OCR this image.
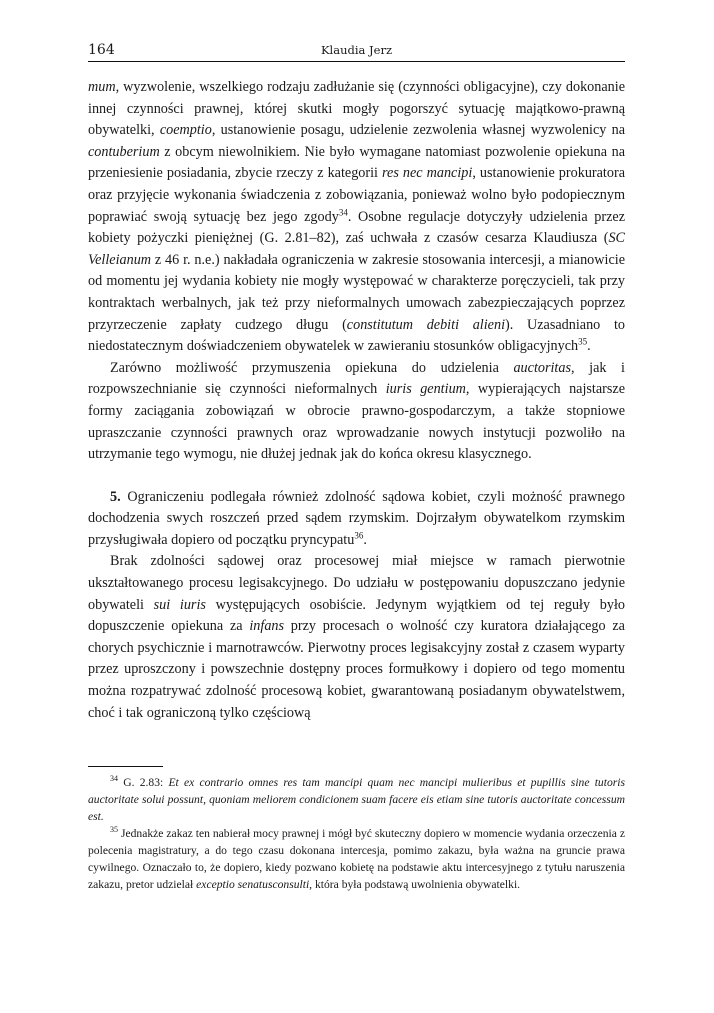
164	Klaudia Jerz

mum, wyzwolenie, wszelkiego rodzaju zadłużanie się (czynności obligacyjne), czy dokonanie innej czynności prawnej, której skutki mogły pogorszyć sytuację majątkowo-prawną obywatelki, coemptio, ustanowienie posagu, udzielenie zezwolenia własnej wyzwolenicy na contuberium z obcym niewolnikiem. Nie było wymagane natomiast pozwolenie opiekuna na przeniesienie posiadania, zbycie rzeczy z kategorii res nec mancipi, ustanowienie prokuratora oraz przyjęcie wykonania świadczenia z zobowiązania, ponieważ wolno było podopiecznym poprawiać swoją sytuację bez jego zgody$^{34}$. Osobne regulacje dotyczyły udzielenia przez kobiety pożyczki pieniężnej (G. 2.81–82), zaś uchwała z czasów cesarza Klaudiusza (SC Velleianum z 46 r. n.e.) nakładała ograniczenia w zakresie stosowania intercesji, a mianowicie od momentu jej wydania kobiety nie mogły występować w charakterze poręczycieli, tak przy kontraktach werbalnych, jak też przy nieformalnych umowach zabezpieczających poprzez przyrzeczenie zapłaty cudzego długu (constitutum debiti alieni). Uzasadniano to niedostatecznym doświadczeniem obywatelek w zawieraniu stosunków obligacyjnych$^{35}$.

Zarówno możliwość przymuszenia opiekuna do udzielenia auctoritas, jak i rozpowszechnianie się czynności nieformalnych iuris gentium, wypierających najstarsze formy zaciągania zobowiązań w obrocie prawno-gospodarczym, a także stopniowe upraszczanie czynności prawnych oraz wprowadzanie nowych instytucji pozwoliło na utrzymanie tego wymogu, nie dłużej jednak jak do końca okresu klasycznego.

5. Ograniczeniu podlegała również zdolność sądowa kobiet, czyli możność prawnego dochodzenia swych roszczeń przed sądem rzymskim. Dojrzałym obywatelkom rzymskim przysługiwała dopiero od początku pryncypatu$^{36}$.

Brak zdolności sądowej oraz procesowej miał miejsce w ramach pierwotnie ukształtowanego procesu legisakcyjnego. Do udziału w postępowaniu dopuszczano jedynie obywateli sui iuris występujących osobiście. Jedynym wyjątkiem od tej reguły było dopuszczenie opiekuna za infans przy procesach o wolność czy kuratora działającego za chorych psychicznie i marnotrawców. Pierwotny proces legisakcyjny został z czasem wyparty przez uproszczony i powszechnie dostępny proces formułkowy i dopiero od tego momentu można rozpatrywać zdolność procesową kobiet, gwarantowaną posiadanym obywatelstwem, choć i tak ograniczoną tylko częściową

$^{34}$ G. 2.83: Et ex contrario omnes res tam mancipi quam nec mancipi mulieribus et pupillis sine tutoris auctoritate solui possunt, quoniam meliorem condicionem suam facere eis etiam sine tutoris auctoritate concessum est.

$^{35}$ Jednakże zakaz ten nabierał mocy prawnej i mógł być skuteczny dopiero w momencie wydania orzeczenia z polecenia magistratury, a do tego czasu dokonana intercesja, pomimo zakazu, była ważna na gruncie prawa cywilnego. Oznaczało to, że dopiero, kiedy pozwano kobietę na podstawie aktu intercesyjnego z tytułu naruszenia zakazu, pretor udzielał exceptio senatusconsulti, która była podstawą uwolnienia obywatelki.
